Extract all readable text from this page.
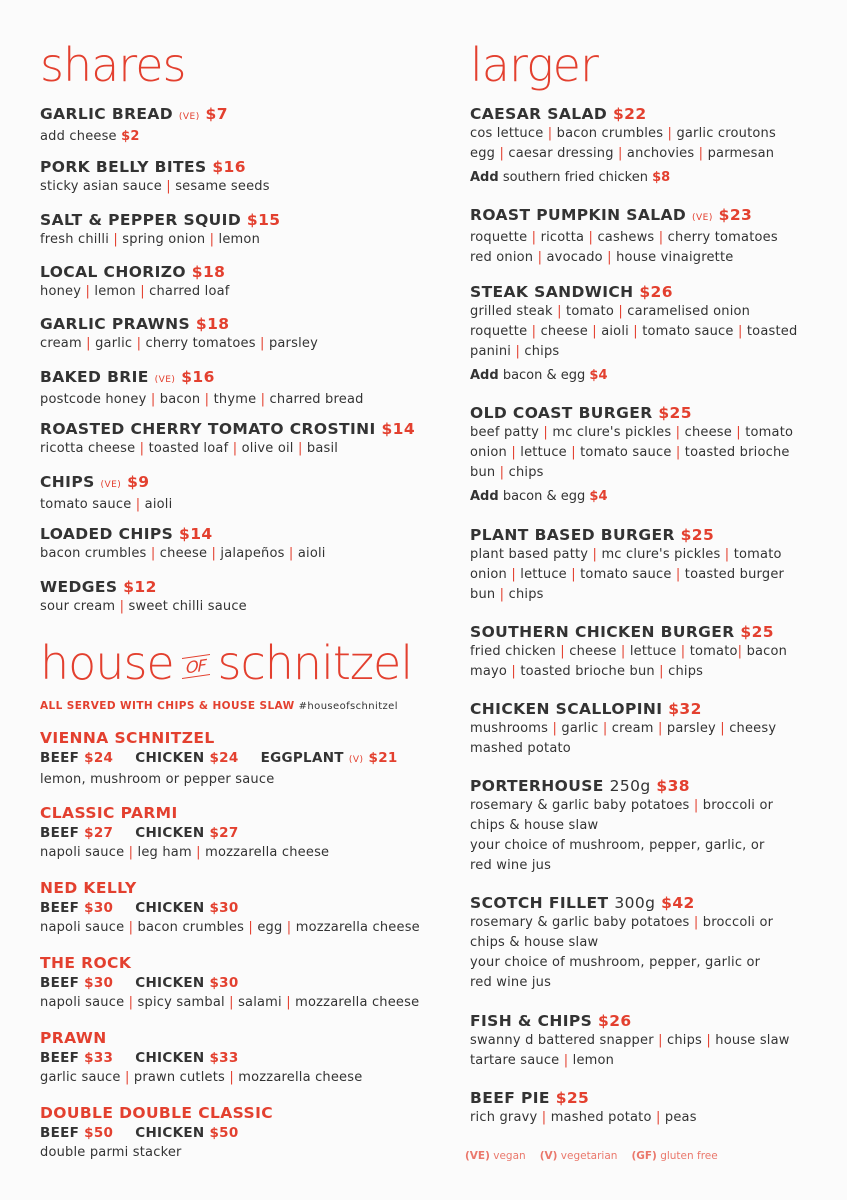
shares
GARLIC BREAD (VE) $7
add cheese $2
PORK BELLY BITES $16
sticky asian sauce | sesame seeds
SALT & PEPPER SQUID $15
fresh chilli | spring onion | lemon
LOCAL CHORIZO $18
honey | lemon | charred loaf
GARLIC PRAWNS $18
cream | garlic | cherry tomatoes | parsley
BAKED BRIE (VE) $16
postcode honey | bacon | thyme | charred bread
ROASTED CHERRY TOMATO CROSTINI $14
ricotta cheese | toasted loaf | olive oil | basil
CHIPS (VE) $9
tomato sauce | aioli
LOADED CHIPS $14
bacon crumbles | cheese | jalapeños | aioli
WEDGES $12
sour cream | sweet chilli sauce
house OF schnitzel
ALL SERVED WITH CHIPS & HOUSE SLAW #houseofschnitzel
VIENNA SCHNITZEL
BEEF $24 CHICKEN $24 EGGPLANT (V) $21
lemon, mushroom or pepper sauce
CLASSIC PARMI
BEEF $27 CHICKEN $27
napoli sauce | leg ham | mozzarella cheese
NED KELLY
BEEF $30 CHICKEN $30
napoli sauce | bacon crumbles | egg | mozzarella cheese
THE ROCK
BEEF $30 CHICKEN $30
napoli sauce | spicy sambal | salami | mozzarella cheese
PRAWN
BEEF $33 CHICKEN $33
garlic sauce | prawn cutlets | mozzarella cheese
DOUBLE DOUBLE CLASSIC
BEEF $50 CHICKEN $50
double parmi stacker
larger
CAESAR SALAD $22
cos lettuce | bacon crumbles | garlic croutons
egg | caesar dressing | anchovies | parmesan
Add southern fried chicken $8
ROAST PUMPKIN SALAD (VE) $23
roquette | ricotta | cashews | cherry tomatoes
red onion | avocado | house vinaigrette
STEAK SANDWICH $26
grilled steak | tomato | caramelised onion
roquette | cheese | aioli | tomato sauce | toasted
panini | chips
Add bacon & egg $4
OLD COAST BURGER $25
beef patty | mc clure's pickles | cheese | tomato
onion | lettuce | tomato sauce | toasted brioche
bun | chips
Add bacon & egg $4
PLANT BASED BURGER $25
plant based patty | mc clure's pickles | tomato
onion | lettuce | tomato sauce | toasted burger
bun | chips
SOUTHERN CHICKEN BURGER $25
fried chicken | cheese | lettuce | tomato| bacon
mayo | toasted brioche bun | chips
CHICKEN SCALLOPINI $32
mushrooms | garlic | cream | parsley | cheesy
mashed potato
PORTERHOUSE 250g $38
rosemary & garlic baby potatoes | broccoli or
chips & house slaw
your choice of mushroom, pepper, garlic, or
red wine jus
SCOTCH FILLET 300g $42
rosemary & garlic baby potatoes | broccoli or
chips & house slaw
your choice of mushroom, pepper, garlic or
red wine jus
FISH & CHIPS $26
swanny d battered snapper | chips | house slaw
tartare sauce | lemon
BEEF PIE $25
rich gravy | mashed potato | peas
(VE) vegan (V) vegetarian (GF) gluten free
